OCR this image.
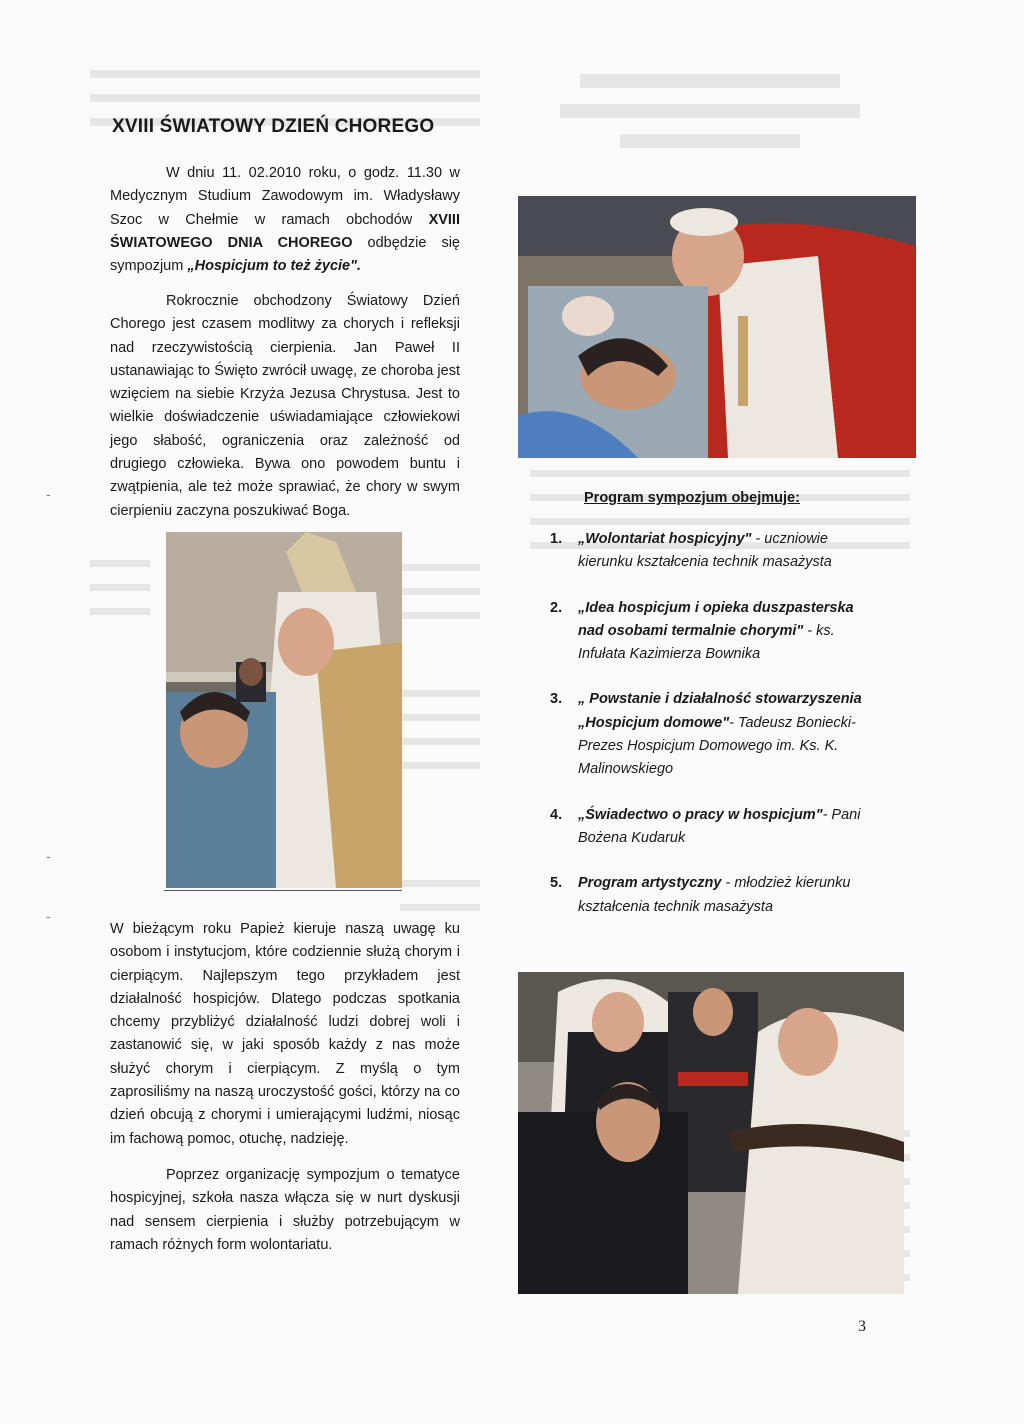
-
-
-
XVIII ŚWIATOWY DZIEŃ CHOREGO

W dniu 11. 02.2010 roku, o godz. 11.30 w Medycznym Studium Zawodowym im. Władysławy Szoc w Chełmie w ramach obchodów XVIII ŚWIATOWEGO DNIA CHOREGO odbędzie się sympozjum „Hospicjum to też życie".

Rokrocznie obchodzony Światowy Dzień Chorego jest czasem modlitwy za chorych i refleksji nad rzeczywistością cierpienia. Jan Paweł II ustanawiając to Święto zwrócił uwagę, ze choroba jest wzięciem na siebie Krzyża Jezusa Chrystusa. Jest to wielkie doświadczenie uświadamiające człowiekowi jego słabość, ograniczenia oraz zależność od drugiego człowieka. Bywa ono powodem buntu i zwątpienia, ale też może sprawiać, że chory w swym cierpieniu zaczyna poszukiwać Boga.

W bieżącym roku Papież kieruje naszą uwagę ku osobom i instytucjom, które codziennie służą chorym i cierpiącym. Najlepszym tego przykładem jest działalność hospicjów. Dlatego podczas spotkania chcemy przybliżyć działalność ludzi dobrej woli i zastanowić się, w jaki sposób każdy z nas może służyć chorym i cierpiącym. Z myślą o tym zaprosiliśmy na naszą uroczystość gości, którzy na co dzień obcują z chorymi i umierającymi ludźmi, niosąc im fachową pomoc, otuchę, nadzieję.

Poprzez organizację sympozjum o tematyce hospicyjnej, szkoła nasza włącza się w nurt dyskusji nad sensem cierpienia i służby potrzebującym w ramach różnych form wolontariatu.

Program sympozjum obejmuje:
1. „Wolontariat hospicyjny" - uczniowie kierunku kształcenia technik masażysta
2. „Idea hospicjum i opieka duszpasterska nad osobami termalnie chorymi" - ks. Infułata Kazimierza Bownika
3. „ Powstanie i działalność stowarzyszenia „Hospicjum domowe"- Tadeusz Boniecki- Prezes Hospicjum Domowego im. Ks. K. Malinowskiego
4. „Świadectwo o pracy w hospicjum"- Pani Bożena Kudaruk
5. Program artystyczny - młodzież kierunku kształcenia technik masażysta
3
